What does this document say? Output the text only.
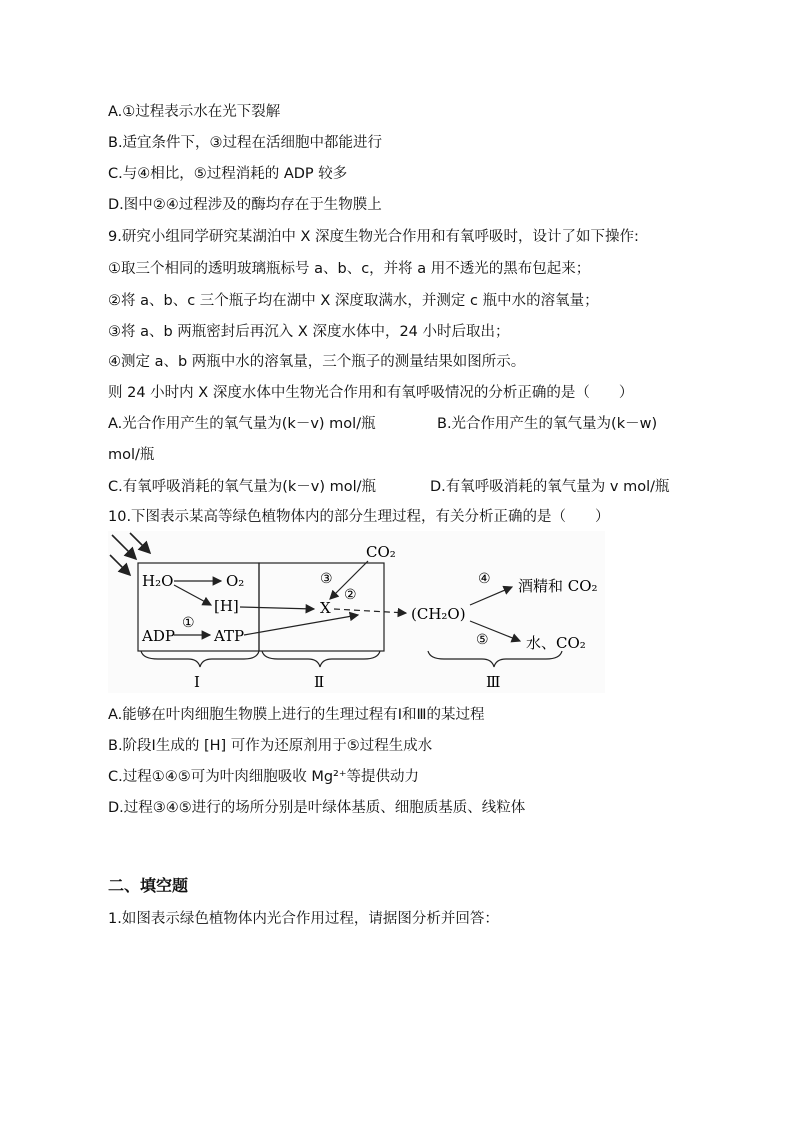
A.①过程表示水在光下裂解
B.适宜条件下，③过程在活细胞中都能进行
C.与④相比，⑤过程消耗的 ADP 较多
D.图中②④过程涉及的酶均存在于生物膜上
9.研究小组同学研究某湖泊中 X 深度生物光合作用和有氧呼吸时，设计了如下操作:
①取三个相同的透明玻璃瓶标号 a、b、c，并将 a 用不透光的黑布包起来；
②将 a、b、c 三个瓶子均在湖中 X 深度取满水，并测定 c 瓶中水的溶氧量；
③将 a、b 两瓶密封后再沉入 X 深度水体中，24 小时后取出；
④测定 a、b 两瓶中水的溶氧量，三个瓶子的测量结果如图所示。
则 24 小时内 X 深度水体中生物光合作用和有氧呼吸情况的分析正确的是（　　）
A.光合作用产生的氧气量为(k－v) mol/瓶	B.光合作用产生的氧气量为(k－w)
mol/瓶
C.有氧呼吸消耗的氧气量为(k－v) mol/瓶	D.有氧呼吸消耗的氧气量为 v mol/瓶
10.下图表示某高等绿色植物体内的部分生理过程，有关分析正确的是（　　）
H₂O	O₂
[H]
①
ADP	ATP
CO₂
③
②
X	(CH₂O)
④ 酒精和 CO₂
⑤ 水、CO₂
Ⅰ	Ⅱ	Ⅲ
A.能够在叶肉细胞生物膜上进行的生理过程有Ⅰ和Ⅲ的某过程
B.阶段Ⅰ生成的 [H] 可作为还原剂用于⑤过程生成水
C.过程①④⑤可为叶肉细胞吸收 Mg²⁺等提供动力
D.过程③④⑤进行的场所分别是叶绿体基质、细胞质基质、线粒体
二、填空题
1.如图表示绿色植物体内光合作用过程，请据图分析并回答：
